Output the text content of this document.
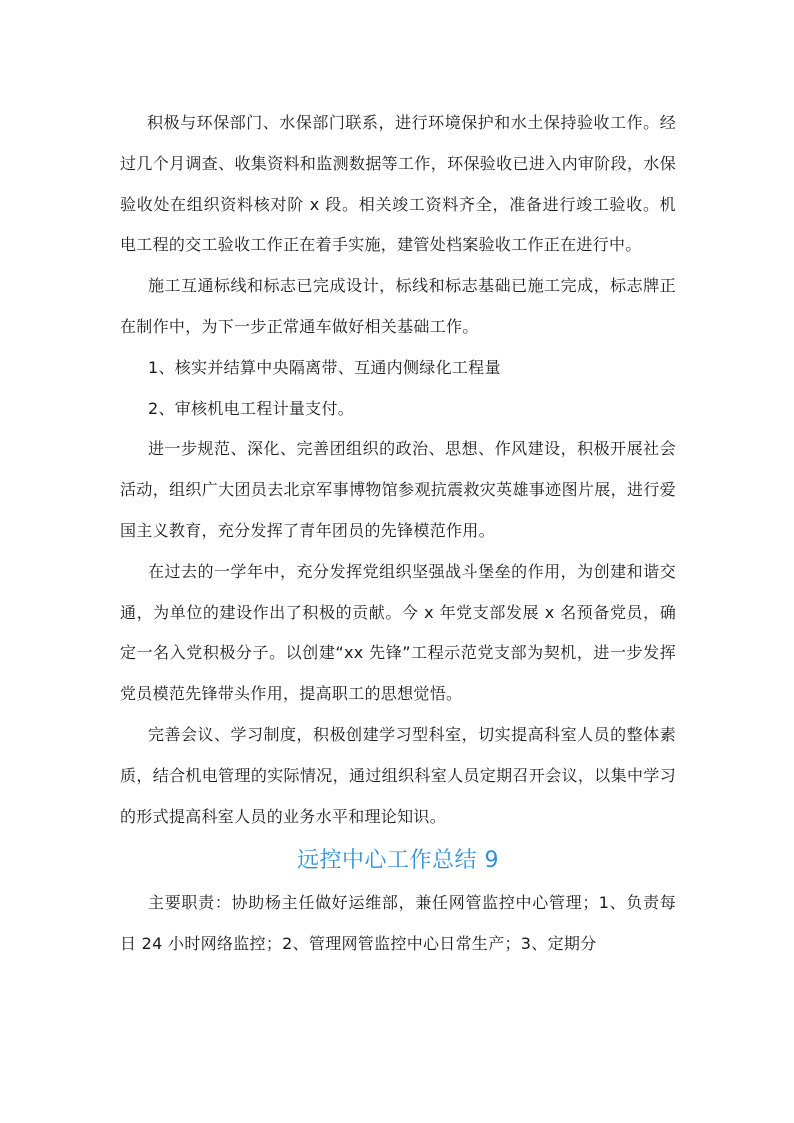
积极与环保部门、水保部门联系，进行环境保护和水土保持验收工作。经过几个月调查、收集资料和监测数据等工作，环保验收已进入内审阶段，水保验收处在组织资料核对阶 x 段。相关竣工资料齐全，准备进行竣工验收。机电工程的交工验收工作正在着手实施，建管处档案验收工作正在进行中。

施工互通标线和标志已完成设计，标线和标志基础已施工完成，标志牌正在制作中，为下一步正常通车做好相关基础工作。

1、核实并结算中央隔离带、互通内侧绿化工程量

2、审核机电工程计量支付。

进一步规范、深化、完善团组织的政治、思想、作风建设，积极开展社会活动，组织广大团员去北京军事博物馆参观抗震救灾英雄事迹图片展，进行爱国主义教育，充分发挥了青年团员的先锋模范作用。

在过去的一学年中，充分发挥党组织坚强战斗堡垒的作用，为创建和谐交通，为单位的建设作出了积极的贡献。今 x 年党支部发展 x 名预备党员，确定一名入党积极分子。以创建“xx 先锋”工程示范党支部为契机，进一步发挥党员模范先锋带头作用，提高职工的思想觉悟。

完善会议、学习制度，积极创建学习型科室，切实提高科室人员的整体素质，结合机电管理的实际情况，通过组织科室人员定期召开会议，以集中学习的形式提高科室人员的业务水平和理论知识。

远控中心工作总结 9

主要职责：协助杨主任做好运维部，兼任网管监控中心管理；1、负责每日 24 小时网络监控；2、管理网管监控中心日常生产；3、定期分
